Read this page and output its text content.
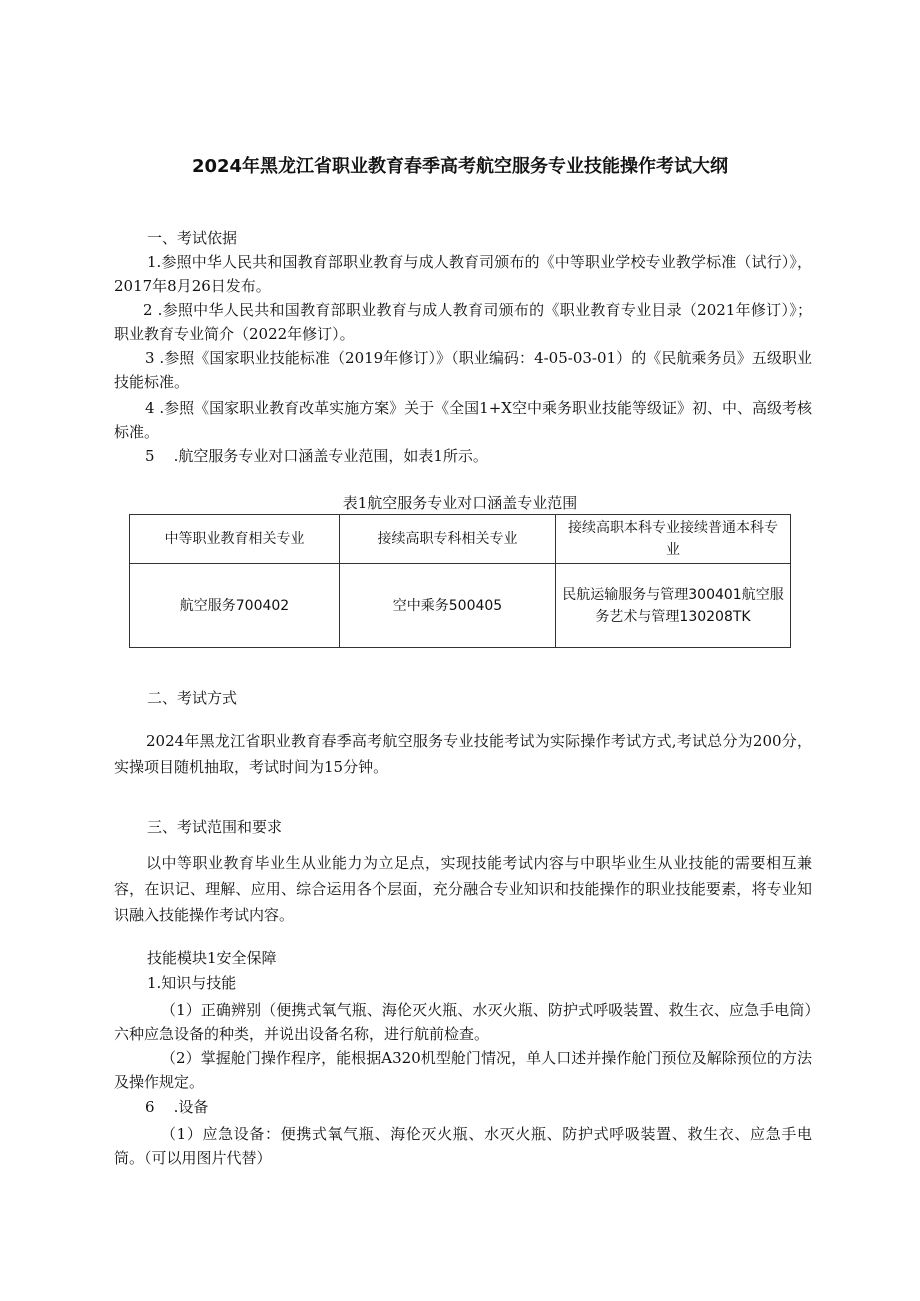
2024年黑龙江省职业教育春季高考航空服务专业技能操作考试大纲
一、考试依据
1.参照中华人民共和国教育部职业教育与成人教育司颁布的《中等职业学校专业教学标准（试行）》，2017年8月26日发布。
2 .参照中华人民共和国教育部职业教育与成人教育司颁布的《职业教育专业目录（2021年修订）》；职业教育专业简介（2022年修订）。
3 .参照《国家职业技能标准（2019年修订）》（职业编码：4-05-03-01）的《民航乘务员》五级职业技能标准。
4 .参照《国家职业教育改革实施方案》关于《全国1+X空中乘务职业技能等级证》初、中、高级考核标准。
5    .航空服务专业对口涵盖专业范围，如表1所示。
表1航空服务专业对口涵盖专业范围
中等职业教育相关专业	接续高职专科相关专业	接续高职本科专业接续普通本科专业
航空服务700402	空中乘务500405	民航运输服务与管理300401航空服务艺术与管理130208TK
二、考试方式
2024年黑龙江省职业教育春季高考航空服务专业技能考试为实际操作考试方式,考试总分为200分，实操项目随机抽取，考试时间为15分钟。
三、考试范围和要求
以中等职业教育毕业生从业能力为立足点，实现技能考试内容与中职毕业生从业技能的需要相互兼容，在识记、理解、应用、综合运用各个层面，充分融合专业知识和技能操作的职业技能要素，将专业知识融入技能操作考试内容。
技能模块1安全保障
1.知识与技能
（1）正确辨别（便携式氧气瓶、海伦灭火瓶、水灭火瓶、防护式呼吸装置、救生衣、应急手电筒）六种应急设备的种类，并说出设备名称，进行航前检查。
（2）掌握舱门操作程序，能根据A320机型舱门情况，单人口述并操作舱门预位及解除预位的方法及操作规定。
6    .设备
（1）应急设备：便携式氧气瓶、海伦灭火瓶、水灭火瓶、防护式呼吸装置、救生衣、应急手电筒。（可以用图片代替）
